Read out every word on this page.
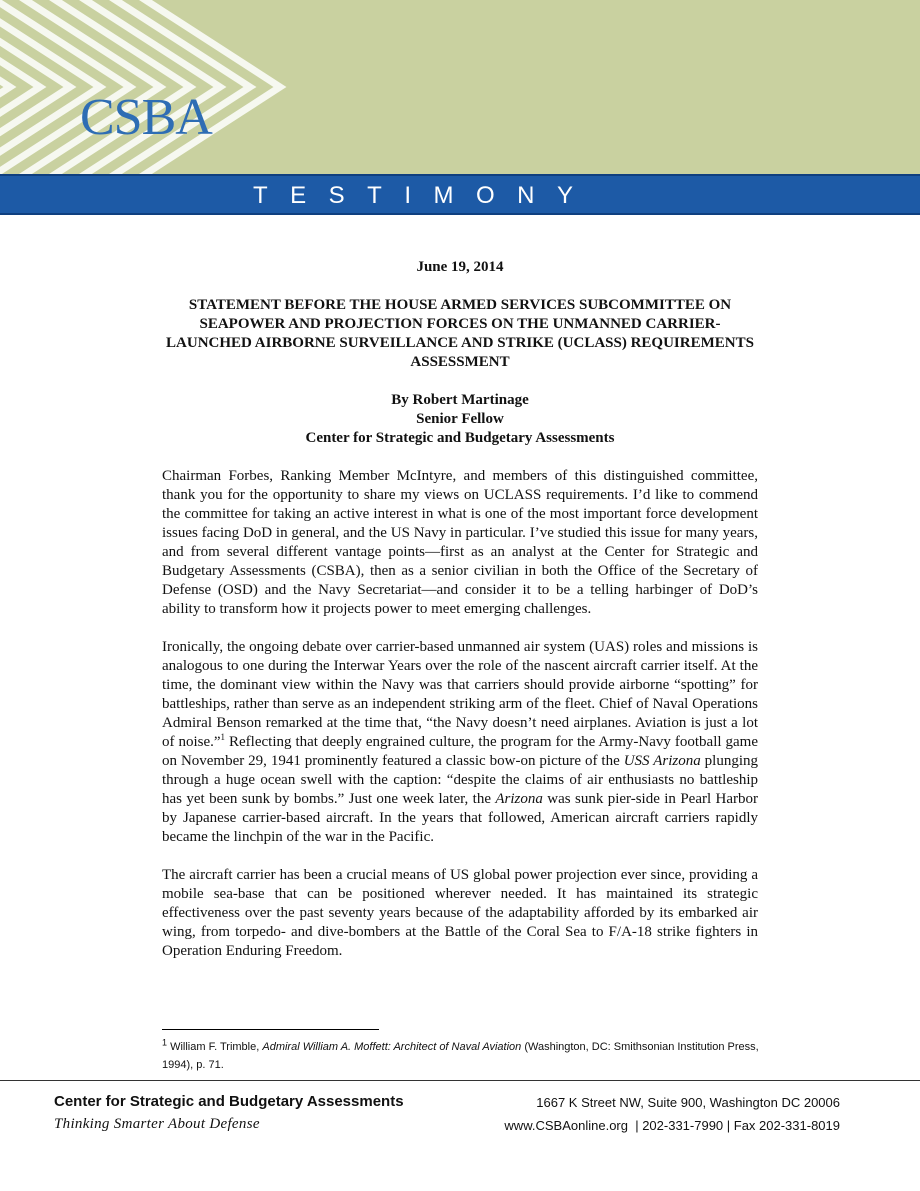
CSBA
TESTIMONY

June 19, 2014

STATEMENT BEFORE THE HOUSE ARMED SERVICES SUBCOMMITTEE ON SEAPOWER AND PROJECTION FORCES ON THE UNMANNED CARRIER-LAUNCHED AIRBORNE SURVEILLANCE AND STRIKE (UCLASS) REQUIREMENTS ASSESSMENT

By Robert Martinage

Senior Fellow

Center for Strategic and Budgetary Assessments

Chairman Forbes, Ranking Member McIntyre, and members of this distinguished committee, thank you for the opportunity to share my views on UCLASS requirements. I’d like to commend the committee for taking an active interest in what is one of the most important force development issues facing DoD in general, and the US Navy in particular. I’ve studied this issue for many years, and from several different vantage points—first as an analyst at the Center for Strategic and Budgetary Assessments (CSBA), then as a senior civilian in both the Office of the Secretary of Defense (OSD) and the Navy Secretariat—and consider it to be a telling harbinger of DoD’s ability to transform how it projects power to meet emerging challenges.

Ironically, the ongoing debate over carrier-based unmanned air system (UAS) roles and missions is analogous to one during the Interwar Years over the role of the nascent aircraft carrier itself. At the time, the dominant view within the Navy was that carriers should provide airborne “spotting” for battleships, rather than serve as an independent striking arm of the fleet. Chief of Naval Operations Admiral Benson remarked at the time that, “the Navy doesn’t need airplanes. Aviation is just a lot of noise.”$^1$ Reflecting that deeply engrained culture, the program for the Army-Navy football game on November 29, 1941 prominently featured a classic bow-on picture of the USS Arizona plunging through a huge ocean swell with the caption: “despite the claims of air enthusiasts no battleship has yet been sunk by bombs.” Just one week later, the Arizona was sunk pier-side in Pearl Harbor by Japanese carrier-based aircraft. In the years that followed, American aircraft carriers rapidly became the linchpin of the war in the Pacific.

The aircraft carrier has been a crucial means of US global power projection ever since, providing a mobile sea-base that can be positioned wherever needed. It has maintained its strategic effectiveness over the past seventy years because of the adaptability afforded by its embarked air wing, from torpedo- and dive-bombers at the Battle of the Coral Sea to F/A-18 strike fighters in Operation Enduring Freedom.

$^1$ William F. Trimble, Admiral William A. Moffett: Architect of Naval Aviation (Washington, DC: Smithsonian Institution Press, 1994), p. 71.
Center for Strategic and Budgetary Assessments
Thinking Smarter About Defense
1667 K Street NW, Suite 900, Washington DC 20006
www.CSBAonline.org  | 202-331-7990 | Fax 202-331-8019
